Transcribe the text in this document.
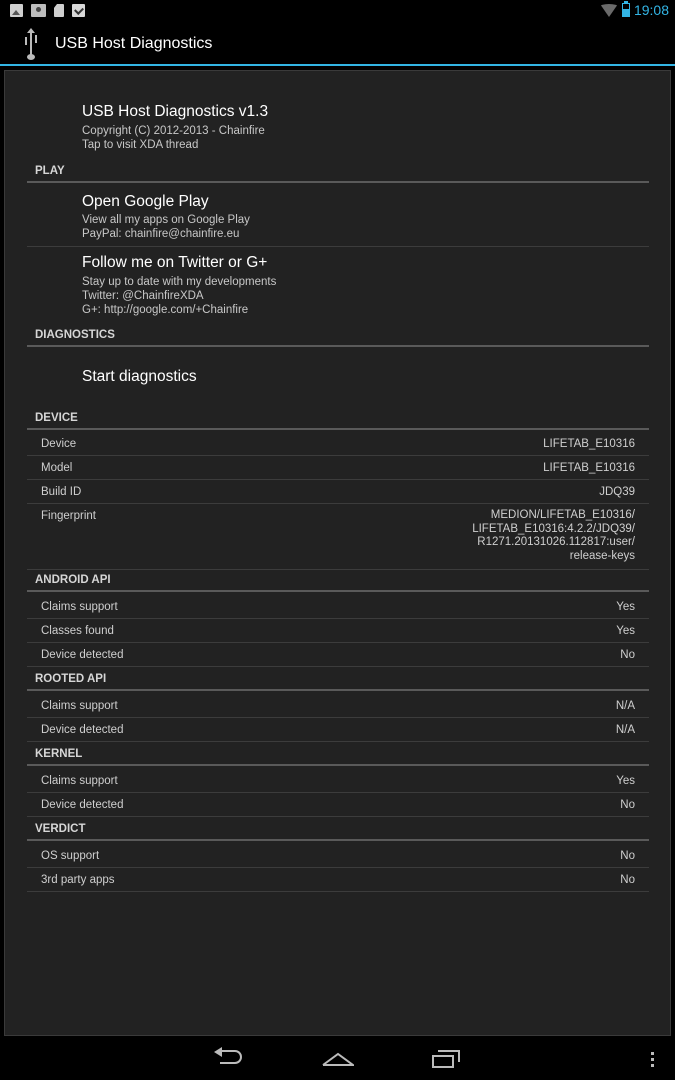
19:08
USB Host Diagnostics
USB Host Diagnostics v1.3
Copyright (C) 2012-2013 - Chainfire
Tap to visit XDA thread
PLAY
Open Google Play
View all my apps on Google Play
PayPal: chainfire@chainfire.eu
Follow me on Twitter or G+
Stay up to date with my developments
Twitter: @ChainfireXDA
G+: http://google.com/+Chainfire
DIAGNOSTICS
Start diagnostics
DEVICE
Device	LIFETAB_E10316
Model	LIFETAB_E10316
Build ID	JDQ39
Fingerprint	MEDION/LIFETAB_E10316/
LIFETAB_E10316:4.2.2/JDQ39/
R1271.20131026.112817:user/
release-keys
ANDROID API
Claims support	Yes
Classes found	Yes
Device detected	No
ROOTED API
Claims support	N/A
Device detected	N/A
KERNEL
Claims support	Yes
Device detected	No
VERDICT
OS support	No
3rd party apps	No
